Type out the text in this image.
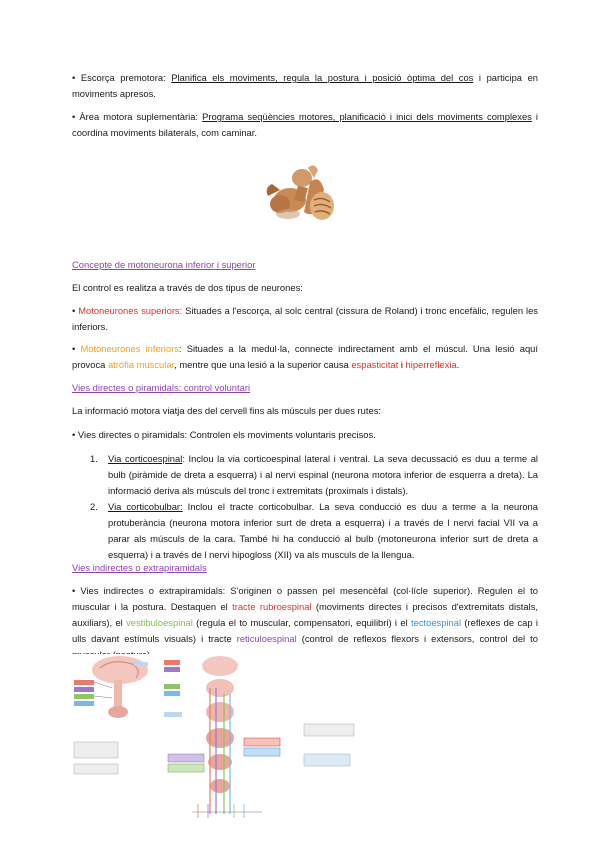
• Escorça premotora: Planifica els moviments, regula la postura i posició òptima del cos i participa en moviments apresos.

• Àrea motora suplementària: Programa seqüències motores, planificació i inici dels moviments complexes i coordina moviments bilaterals, com caminar.

Concepte de motoneurona inferior i superior

El control es realitza a través de dos tipus de neurones:

• Motoneurones superiors: Situades a l'escorça, al solc central (cissura de Roland) i tronc encefàlic, regulen les inferiors.

• Motoneurones inferiors: Situades a la medul·la, connecte indirectament amb el múscul. Una lesió aquí provoca atròfia muscular, mentre que una lesió a la superior causa espasticitat i hiperreflexia.

Vies directes o piramidals: control voluntari

La informació motora viatja des del cervell fins als músculs per dues rutes:

• Vies directes o piramidals: Controlen els moviments voluntaris precisos.

1. Via corticoespinal: Inclou la via corticoespinal lateral i ventral. La seva decussació es duu a terme al bulb (piràmide de dreta a esquerra) i al nervi espinal (neurona motora inferior de esquerra a dreta). La informació deriva als músculs del tronc i extremitats (proximals i distals).
2. Via corticobulbar: Inclou el tracte corticobulbar. La seva conducció es duu a terme a la neurona protuberància (neurona motora inferior surt de dreta a esquerra) i a través de l nervi facial VII va a parar als músculs de la cara. També hi ha conducció al bulb (motoneurona inferior surt de dreta a esquerra) i a través de l nervi hipogloss (XII) va als musculs de la llengua.

Vies indirectes o extrapiramidals

• Vies indirectes o extrapiramidals: S'originen o passen pel mesencèfal (col·lícle superior). Regulen el to muscular i la postura. Destaquen el tracte rubroespinal (moviments directes i precisos d'extremitats distals, auxiliars), el vestibuloespinal (regula el to muscular, compensatori, equilibri) i el tectoespinal (reflexes de cap i ulls davant estímuls visuals) i tracte reticuloespinal (control de reflexos flexors i extensors, control del to
